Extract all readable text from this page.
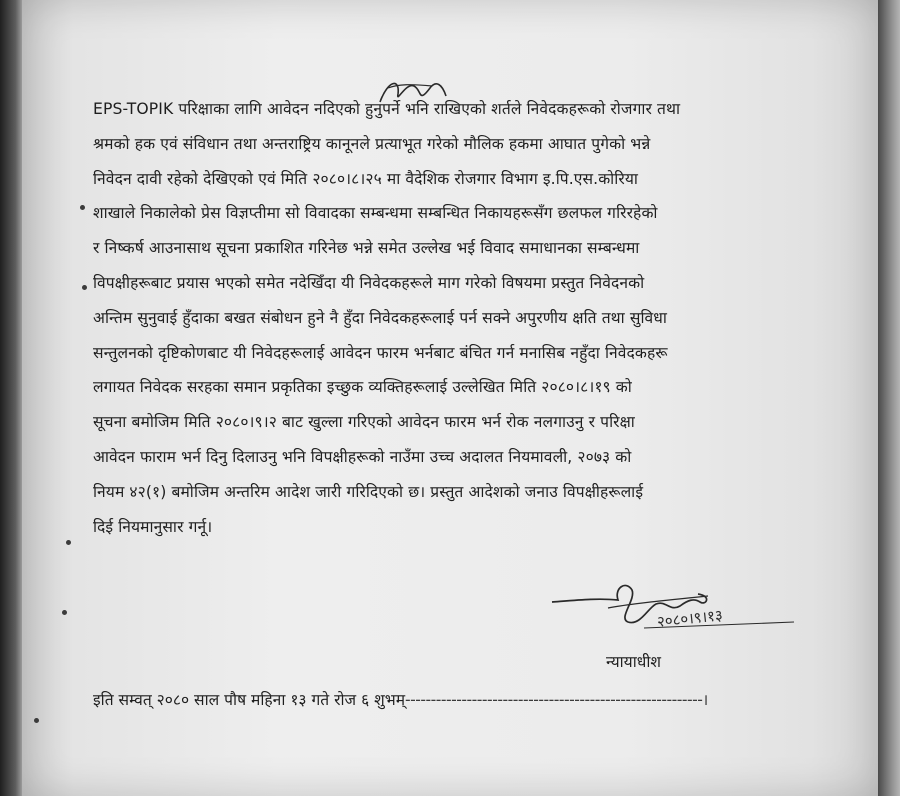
EPS-TOPIK परिक्षाका लागि आवेदन नदिएको हुनुपर्ने भनि राखिएको शर्तले निवेदकहरूको रोजगार तथा
श्रमको हक एवं संविधान तथा अन्तराष्ट्रिय कानूनले प्रत्याभूत गरेको मौलिक हकमा आघात पुगेको भन्ने
निवेदन दावी रहेको देखिएको एवं मिति २०८०।८।२५ मा वैदेशिक रोजगार विभाग इ.पि.एस.कोरिया
शाखाले निकालेको प्रेस विज्ञप्तीमा सो विवादका सम्बन्धमा सम्बन्धित निकायहरूसँग छलफल गरिरहेको
र निष्कर्ष आउनासाथ सूचना प्रकाशित गरिनेछ भन्ने समेत उल्लेख भई विवाद समाधानका सम्बन्धमा
विपक्षीहरूबाट प्रयास भएको समेत नदेखिँदा यी निवेदकहरूले माग गरेको विषयमा प्रस्तुत निवेदनको
अन्तिम सुनुवाई हुँदाका बखत संबोधन हुने नै हुँदा निवेदकहरूलाई पर्न सक्ने अपुरणीय क्षति तथा सुविधा
सन्तुलनको दृष्टिकोणबाट यी निवेदहरूलाई आवेदन फारम भर्नबाट बंचित गर्न मनासिब नहुँदा निवेदकहरू
लगायत निवेदक सरहका समान प्रकृतिका इच्छुक व्यक्तिहरूलाई उल्लेखित मिति २०८०।८।१९ को
सूचना बमोजिम मिति २०८०।९।२ बाट खुल्ला गरिएको आवेदन फारम भर्न रोक नलगाउनु र परिक्षा
आवेदन फाराम भर्न दिनु दिलाउनु भनि विपक्षीहरूको नाउँमा उच्च अदालत नियमावली, २०७३ को
नियम ४२(१) बमोजिम अन्तरिम आदेश जारी गरिदिएको छ। प्रस्तुत आदेशको जनाउ विपक्षीहरूलाई
दिई नियमानुसार गर्नू।
२०८०।९।१३
न्यायाधीश
इति सम्वत् २०८० साल पौष महिना १३ गते रोज ६ शुभम्----------------------------------------------------------।
